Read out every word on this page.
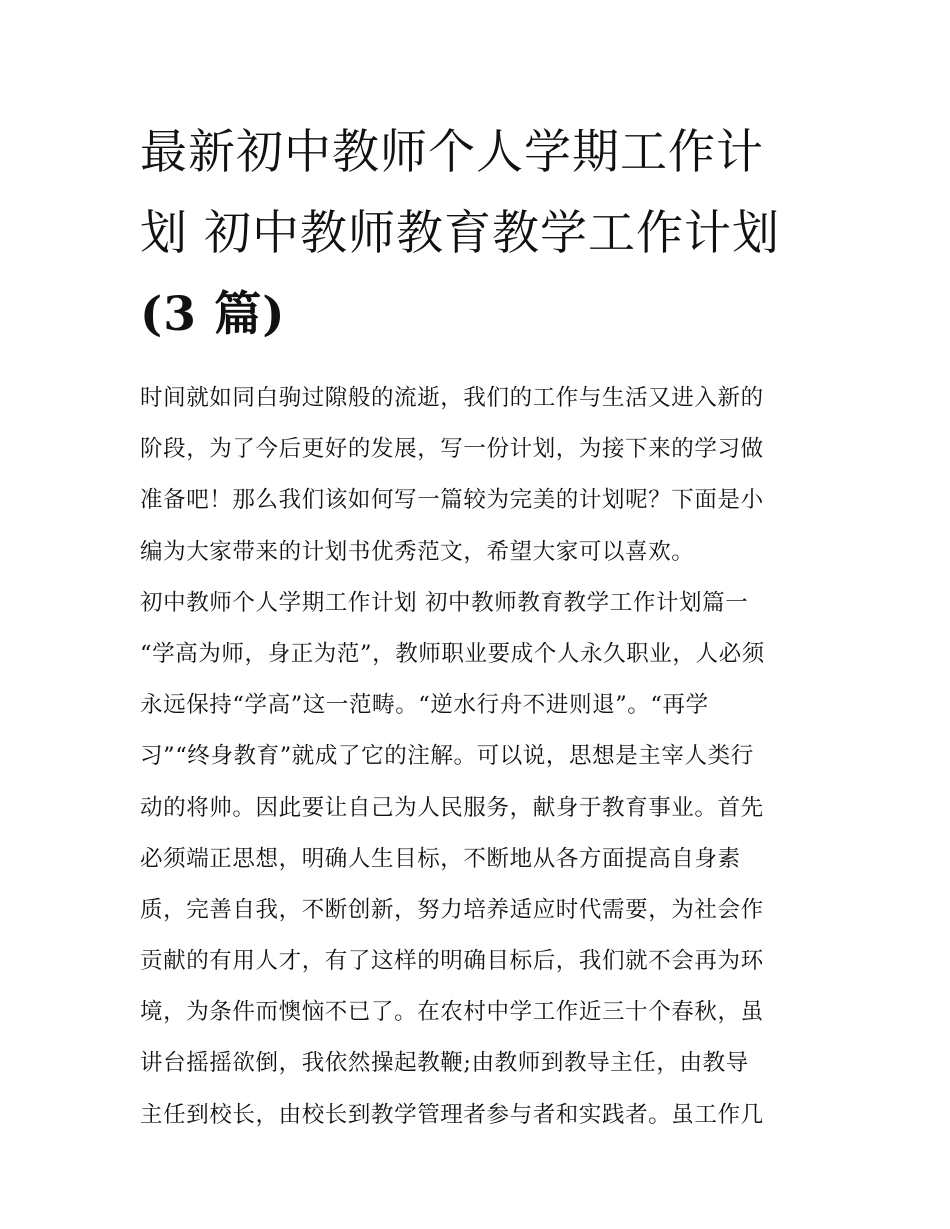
最新初中教师个人学期工作计
划 初中教师教育教学工作计划
(3 篇)
时间就如同白驹过隙般的流逝，我们的工作与生活又进入新的
阶段，为了今后更好的发展，写一份计划，为接下来的学习做
准备吧！那么我们该如何写一篇较为完美的计划呢？下面是小
编为大家带来的计划书优秀范文，希望大家可以喜欢。
初中教师个人学期工作计划 初中教师教育教学工作计划篇一
“学高为师，身正为范”，教师职业要成个人永久职业，人必须
永远保持“学高”这一范畴。“逆水行舟不进则退”。“再学
习”“终身教育”就成了它的注解。可以说，思想是主宰人类行
动的将帅。因此要让自己为人民服务，献身于教育事业。首先
必须端正思想，明确人生目标，不断地从各方面提高自身素
质，完善自我，不断创新，努力培养适应时代需要，为社会作
贡献的有用人才，有了这样的明确目标后，我们就不会再为环
境，为条件而懊恼不已了。在农村中学工作近三十个春秋，虽
讲台摇摇欲倒，我依然操起教鞭;由教师到教导主任，由教导
主任到校长，由校长到教学管理者参与者和实践者。虽工作几
